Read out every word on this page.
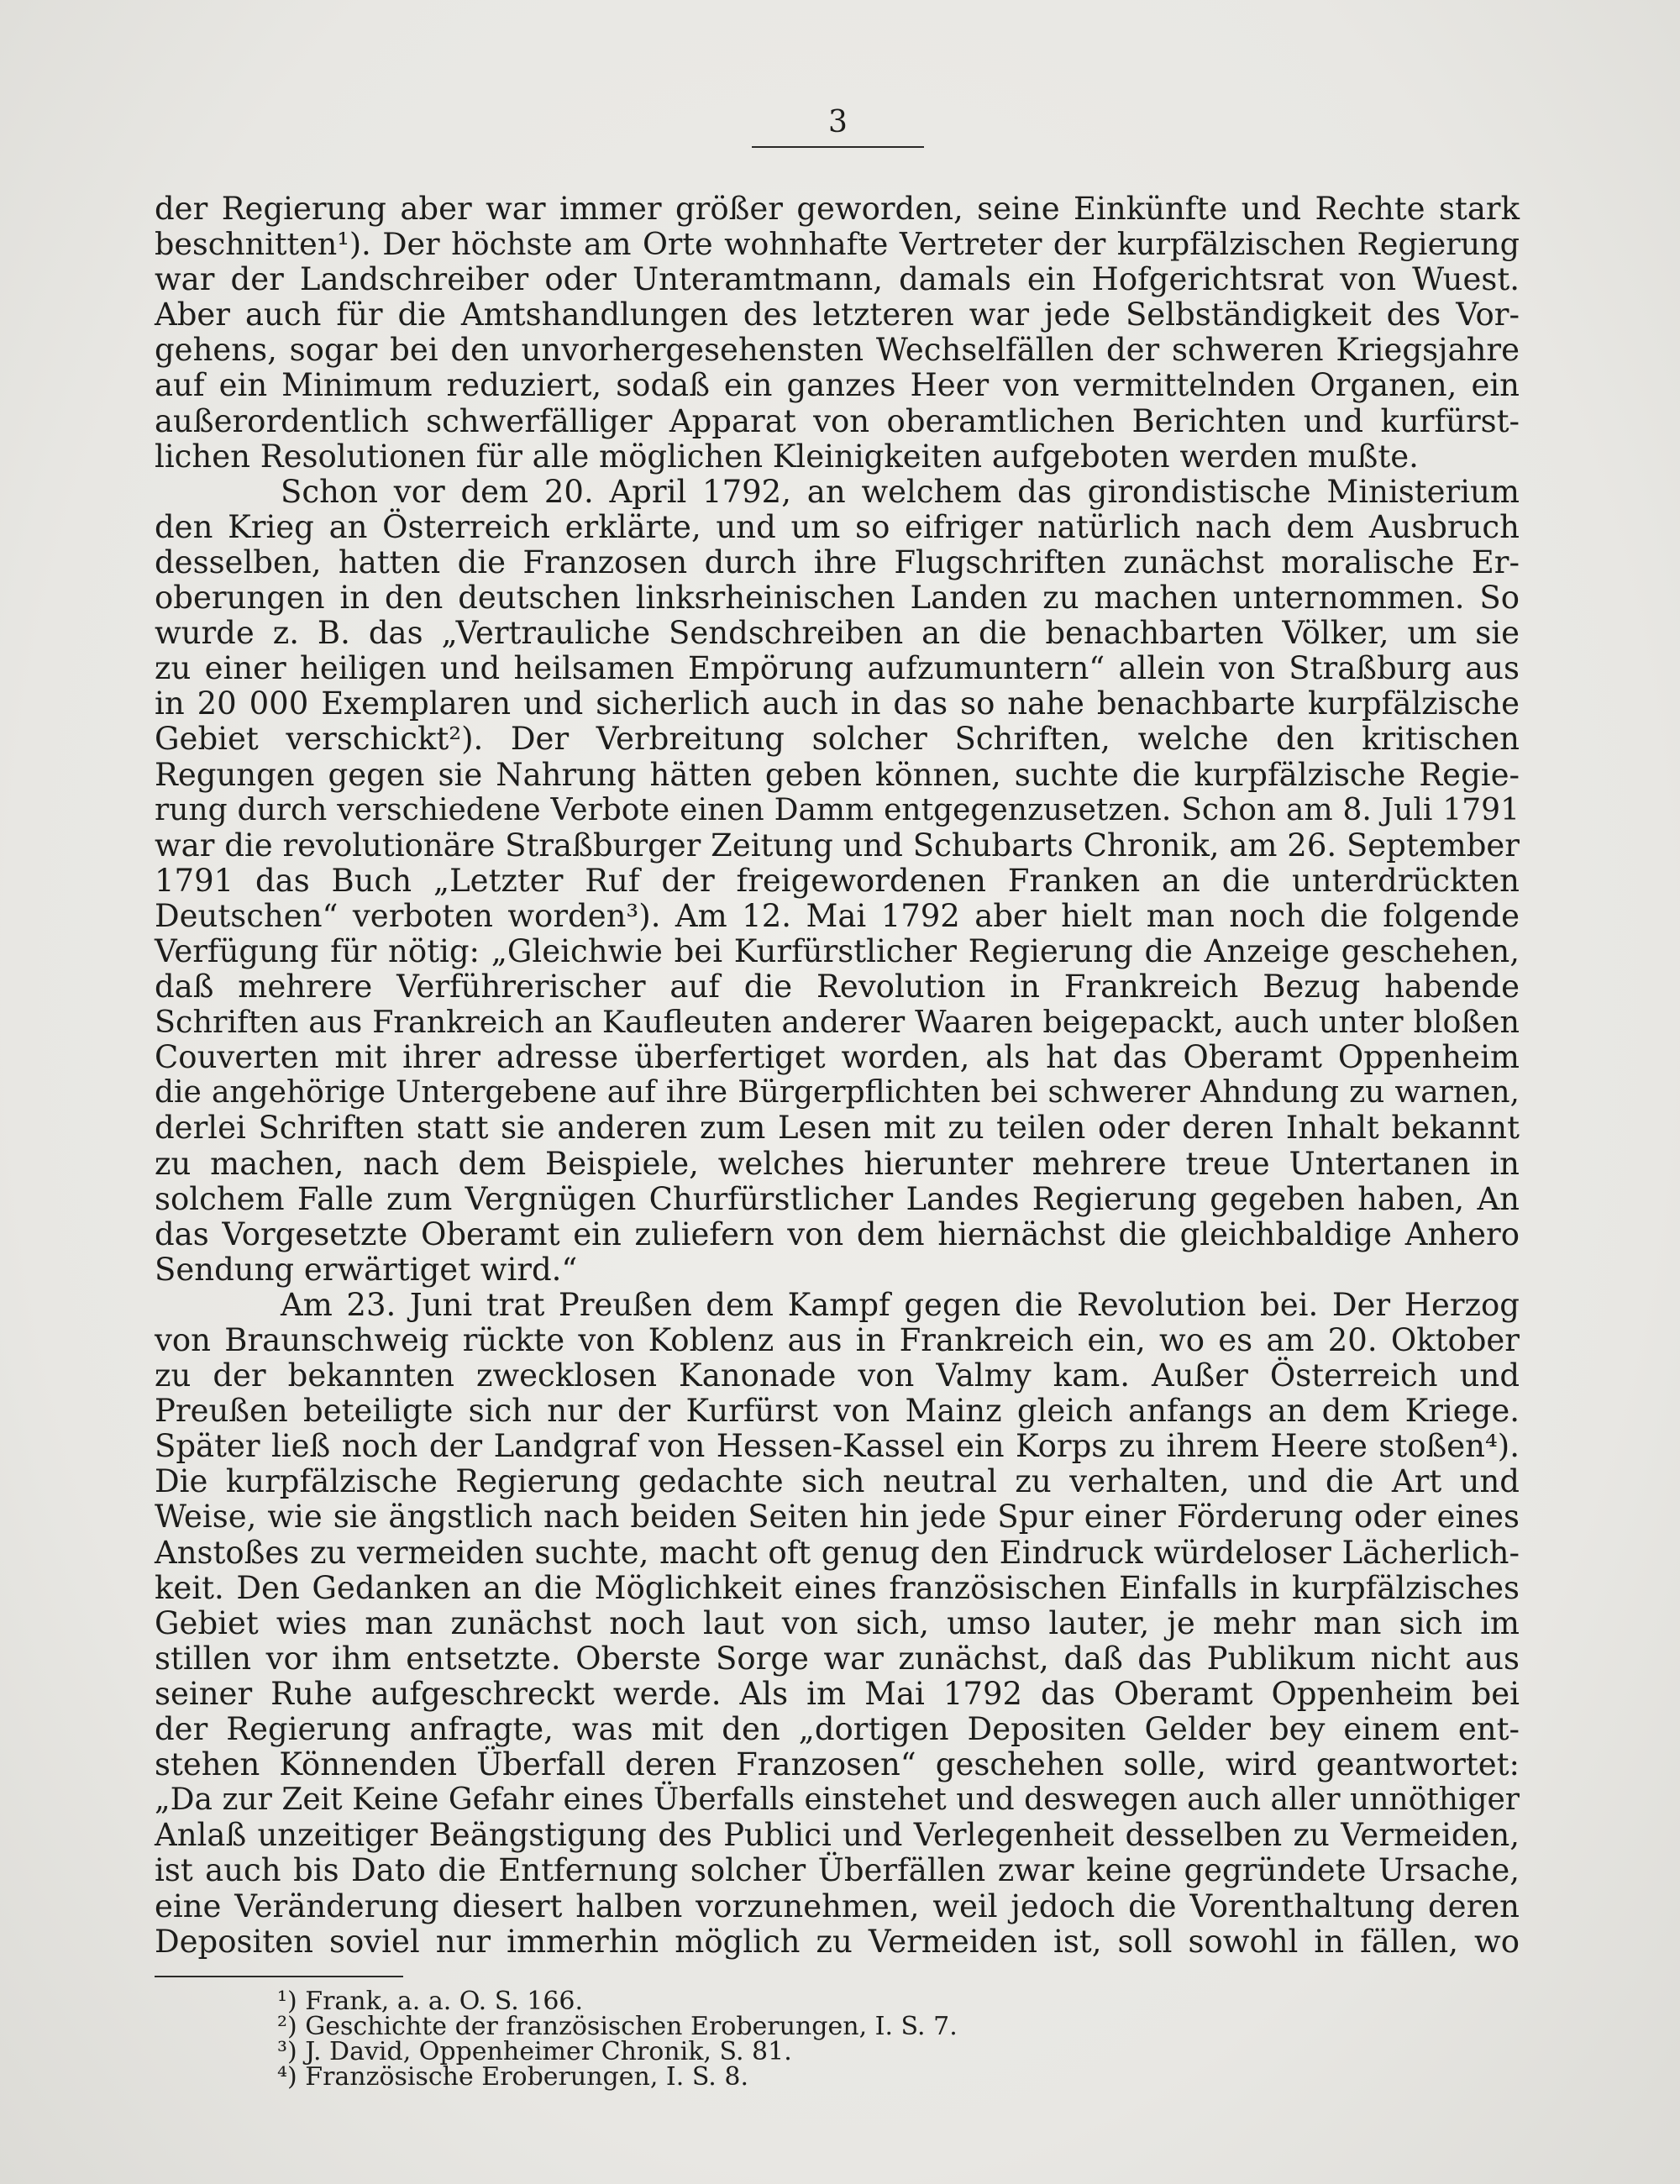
3
der Regierung aber war immer größer geworden, seine Einkünfte und Rechte stark
beschnitten¹). Der höchste am Orte wohnhafte Vertreter der kurpfälzischen Regierung
war der Landschreiber oder Unteramtmann, damals ein Hofgerichtsrat von Wuest.
Aber auch für die Amtshandlungen des letzteren war jede Selbständigkeit des Vor-
gehens, sogar bei den unvorhergesehensten Wechselfällen der schweren Kriegsjahre
auf ein Minimum reduziert, sodaß ein ganzes Heer von vermittelnden Organen, ein
außerordentlich schwerfälliger Apparat von oberamtlichen Berichten und kurfürst-
lichen Resolutionen für alle möglichen Kleinigkeiten aufgeboten werden mußte.
Schon vor dem 20. April 1792, an welchem das girondistische Ministerium
den Krieg an Österreich erklärte, und um so eifriger natürlich nach dem Ausbruch
desselben, hatten die Franzosen durch ihre Flugschriften zunächst moralische Er-
oberungen in den deutschen linksrheinischen Landen zu machen unternommen. So
wurde z. B. das „Vertrauliche Sendschreiben an die benachbarten Völker, um sie
zu einer heiligen und heilsamen Empörung aufzumuntern“ allein von Straßburg aus
in 20 000 Exemplaren und sicherlich auch in das so nahe benachbarte kurpfälzische
Gebiet verschickt²). Der Verbreitung solcher Schriften, welche den kritischen
Regungen gegen sie Nahrung hätten geben können, suchte die kurpfälzische Regie-
rung durch verschiedene Verbote einen Damm entgegenzusetzen. Schon am 8. Juli 1791
war die revolutionäre Straßburger Zeitung und Schubarts Chronik, am 26. September
1791 das Buch „Letzter Ruf der freigewordenen Franken an die unterdrückten
Deutschen“ verboten worden³). Am 12. Mai 1792 aber hielt man noch die folgende
Verfügung für nötig: „Gleichwie bei Kurfürstlicher Regierung die Anzeige geschehen,
daß mehrere Verführerischer auf die Revolution in Frankreich Bezug habende
Schriften aus Frankreich an Kaufleuten anderer Waaren beigepackt, auch unter bloßen
Couverten mit ihrer adresse überfertiget worden, als hat das Oberamt Oppenheim
die angehörige Untergebene auf ihre Bürgerpflichten bei schwerer Ahndung zu warnen,
derlei Schriften statt sie anderen zum Lesen mit zu teilen oder deren Inhalt bekannt
zu machen, nach dem Beispiele, welches hierunter mehrere treue Untertanen in
solchem Falle zum Vergnügen Churfürstlicher Landes Regierung gegeben haben, An
das Vorgesetzte Oberamt ein zuliefern von dem hiernächst die gleichbaldige Anhero
Sendung erwärtiget wird.“
Am 23. Juni trat Preußen dem Kampf gegen die Revolution bei. Der Herzog
von Braunschweig rückte von Koblenz aus in Frankreich ein, wo es am 20. Oktober
zu der bekannten zwecklosen Kanonade von Valmy kam. Außer Österreich und
Preußen beteiligte sich nur der Kurfürst von Mainz gleich anfangs an dem Kriege.
Später ließ noch der Landgraf von Hessen-Kassel ein Korps zu ihrem Heere stoßen⁴).
Die kurpfälzische Regierung gedachte sich neutral zu verhalten, und die Art und
Weise, wie sie ängstlich nach beiden Seiten hin jede Spur einer Förderung oder eines
Anstoßes zu vermeiden suchte, macht oft genug den Eindruck würdeloser Lächerlich-
keit. Den Gedanken an die Möglichkeit eines französischen Einfalls in kurpfälzisches
Gebiet wies man zunächst noch laut von sich, umso lauter, je mehr man sich im
stillen vor ihm entsetzte. Oberste Sorge war zunächst, daß das Publikum nicht aus
seiner Ruhe aufgeschreckt werde. Als im Mai 1792 das Oberamt Oppenheim bei
der Regierung anfragte, was mit den „dortigen Depositen Gelder bey einem ent-
stehen Könnenden Überfall deren Franzosen“ geschehen solle, wird geantwortet:
„Da zur Zeit Keine Gefahr eines Überfalls einstehet und deswegen auch aller unnöthiger
Anlaß unzeitiger Beängstigung des Publici und Verlegenheit desselben zu Vermeiden,
ist auch bis Dato die Entfernung solcher Überfällen zwar keine gegründete Ursache,
eine Veränderung diesert halben vorzunehmen, weil jedoch die Vorenthaltung deren
Depositen soviel nur immerhin möglich zu Vermeiden ist, soll sowohl in fällen, wo
¹) Frank, a. a. O. S. 166.
²) Geschichte der französischen Eroberungen, I. S. 7.
³) J. David, Oppenheimer Chronik, S. 81.
⁴) Französische Eroberungen, I. S. 8.
